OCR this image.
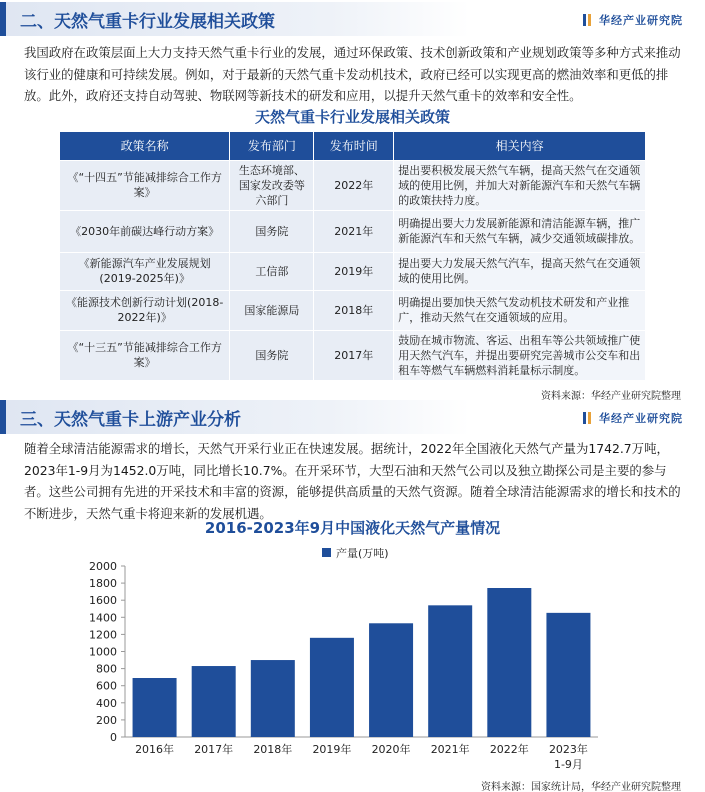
二、天然气重卡行业发展相关政策	华经产业研究院

我国政府在政策层面上大力支持天然气重卡行业的发展，通过环保政策、技术创新政策和产业规划政策等多种方式来推动该行业的健康和可持续发展。例如，对于最新的天然气重卡发动机技术，政府已经可以实现更高的燃油效率和更低的排放。此外，政府还支持自动驾驶、物联网等新技术的研发和应用，以提升天然气重卡的效率和安全性。

天然气重卡行业发展相关政策
政策名称	发布部门	发布时间	相关内容
《“十四五”节能减排综合工作方案》	生态环境部、国家发改委等六部门	2022年	提出要积极发展天然气车辆，提高天然气在交通领域的使用比例，并加大对新能源汽车和天然气车辆的政策扶持力度。
《2030年前碳达峰行动方案》	国务院	2021年	明确提出要大力发展新能源和清洁能源车辆，推广新能源汽车和天然气车辆，减少交通领域碳排放。
《新能源汽车产业发展规划(2019-2025年)》	工信部	2019年	提出要大力发展天然气汽车，提高天然气在交通领域的使用比例。
《能源技术创新行动计划(2018-2022年)》	国家能源局	2018年	明确提出要加快天然气发动机技术研发和产业推广，推动天然气在交通领域的应用。
《“十三五”节能减排综合工作方案》	国务院	2017年	鼓励在城市物流、客运、出租车等公共领域推广使用天然气汽车，并提出要研究完善城市公交车和出租车等燃气车辆燃料消耗量标示制度。
资料来源：华经产业研究院整理
三、天然气重卡上游产业分析	华经产业研究院

随着全球清洁能源需求的增长，天然气开采行业正在快速发展。据统计，2022年全国液化天然气产量为1742.7万吨，2023年1-9月为1452.0万吨，同比增长10.7%。在开采环节，大型石油和天然气公司以及独立勘探公司是主要的参与者。这些公司拥有先进的开采技术和丰富的资源，能够提供高质量的天然气资源。随着全球清洁能源需求的增长和技术的不断进步，天然气重卡将迎来新的发展机遇。

2016-2023年9月中国液化天然气产量情况
0
200
400
600
800
1000
1200
1400
1600
1800
2000
2016年 2017年 2018年 2019年 2020年 2021年 2022年 2023年
1-9月
产量(万吨)
资料来源：国家统计局，华经产业研究院整理
